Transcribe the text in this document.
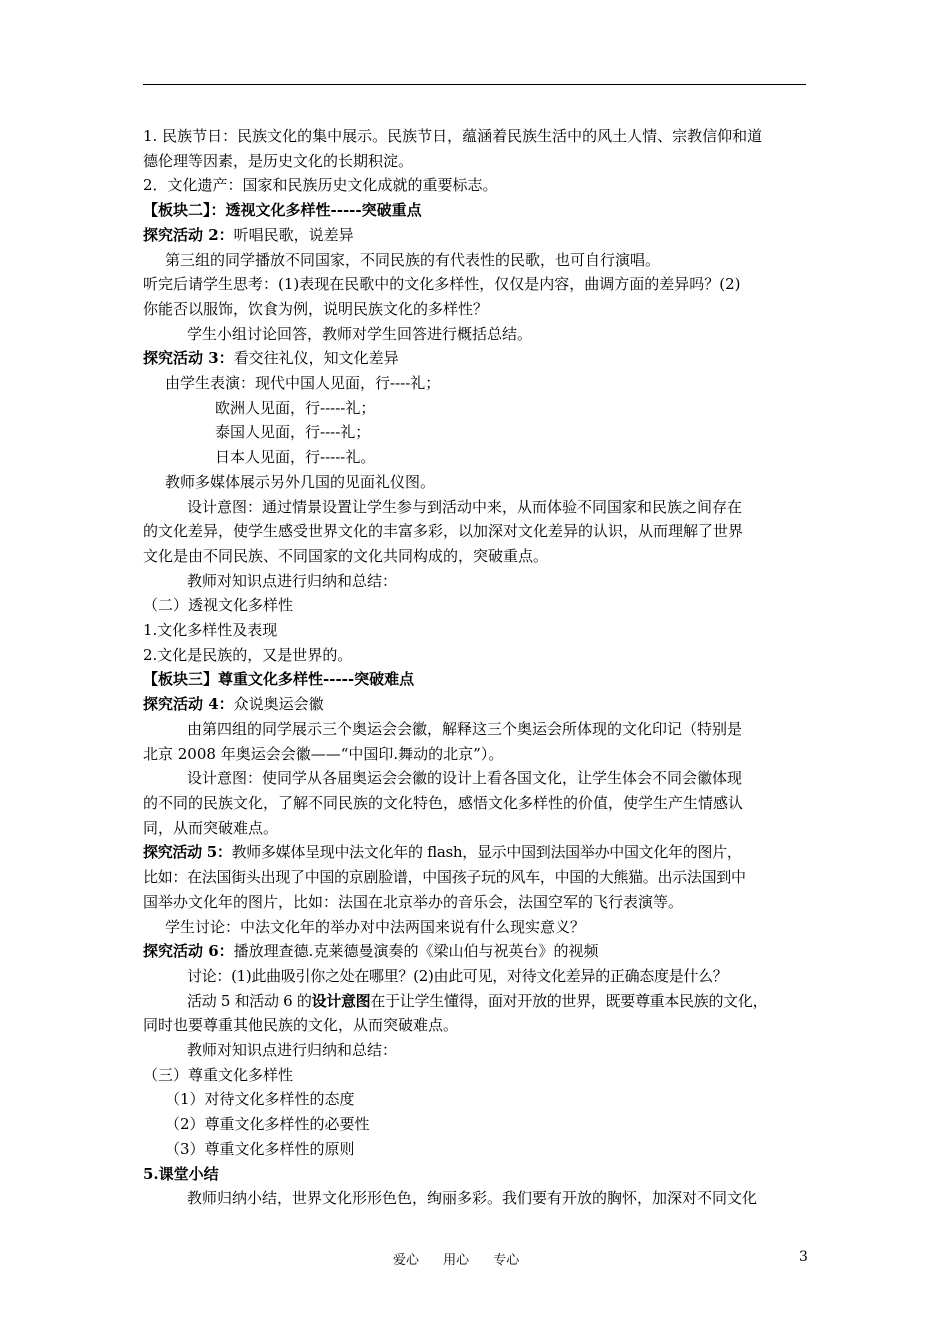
1. 民族节日：民族文化的集中展示。民族节日，蕴涵着民族生活中的风土人情、宗教信仰和道

德伦理等因素，是历史文化的长期积淀。

2．文化遗产：国家和民族历史文化成就的重要标志。

【板块二】：透视文化多样性-----突破重点

探究活动 2：听唱民歌，说差异

第三组的同学播放不同国家，不同民族的有代表性的民歌，也可自行演唱。

听完后请学生思考：(1)表现在民歌中的文化多样性，仅仅是内容，曲调方面的差异吗？(2)

你能否以服饰，饮食为例，说明民族文化的多样性？

学生小组讨论回答，教师对学生回答进行概括总结。

探究活动 3：看交往礼仪，知文化差异

由学生表演：现代中国人见面，行----礼；

欧洲人见面，行-----礼；

泰国人见面，行----礼；

日本人见面，行-----礼。

教师多媒体展示另外几国的见面礼仪图。

设计意图：通过情景设置让学生参与到活动中来，从而体验不同国家和民族之间存在

的文化差异，使学生感受世界文化的丰富多彩，以加深对文化差异的认识，从而理解了世界

文化是由不同民族、不同国家的文化共同构成的，突破重点。

教师对知识点进行归纳和总结：

（二）透视文化多样性

1.文化多样性及表现

2.文化是民族的，又是世界的。

【板块三】尊重文化多样性-----突破难点

探究活动 4：众说奥运会徽

由第四组的同学展示三个奥运会会徽，解释这三个奥运会所体现的文化印记（特别是

北京 2008 年奥运会会徽——“中国印.舞动的北京”）。

设计意图：使同学从各届奥运会会徽的设计上看各国文化，让学生体会不同会徽体现

的不同的民族文化，了解不同民族的文化特色，感悟文化多样性的价值，使学生产生情感认

同，从而突破难点。

探究活动 5：教师多媒体呈现中法文化年的 flash，显示中国到法国举办中国文化年的图片，

比如：在法国街头出现了中国的京剧脸谱，中国孩子玩的风车，中国的大熊猫。出示法国到中

国举办文化年的图片，比如：法国在北京举办的音乐会，法国空军的飞行表演等。

学生讨论：中法文化年的举办对中法两国来说有什么现实意义？

探究活动 6：播放理查德.克莱德曼演奏的《梁山伯与祝英台》的视频

讨论：(1)此曲吸引你之处在哪里？(2)由此可见，对待文化差异的正确态度是什么？

活动 5 和活动 6 的设计意图在于让学生懂得，面对开放的世界，既要尊重本民族的文化，

同时也要尊重其他民族的文化，从而突破难点。

教师对知识点进行归纳和总结：

（三）尊重文化多样性

（1）对待文化多样性的态度

（2）尊重文化多样性的必要性

（3）尊重文化多样性的原则

5.课堂小结

教师归纳小结，世界文化形形色色，绚丽多彩。我们要有开放的胸怀，加深对不同文化

爱心 用心 专心	3
